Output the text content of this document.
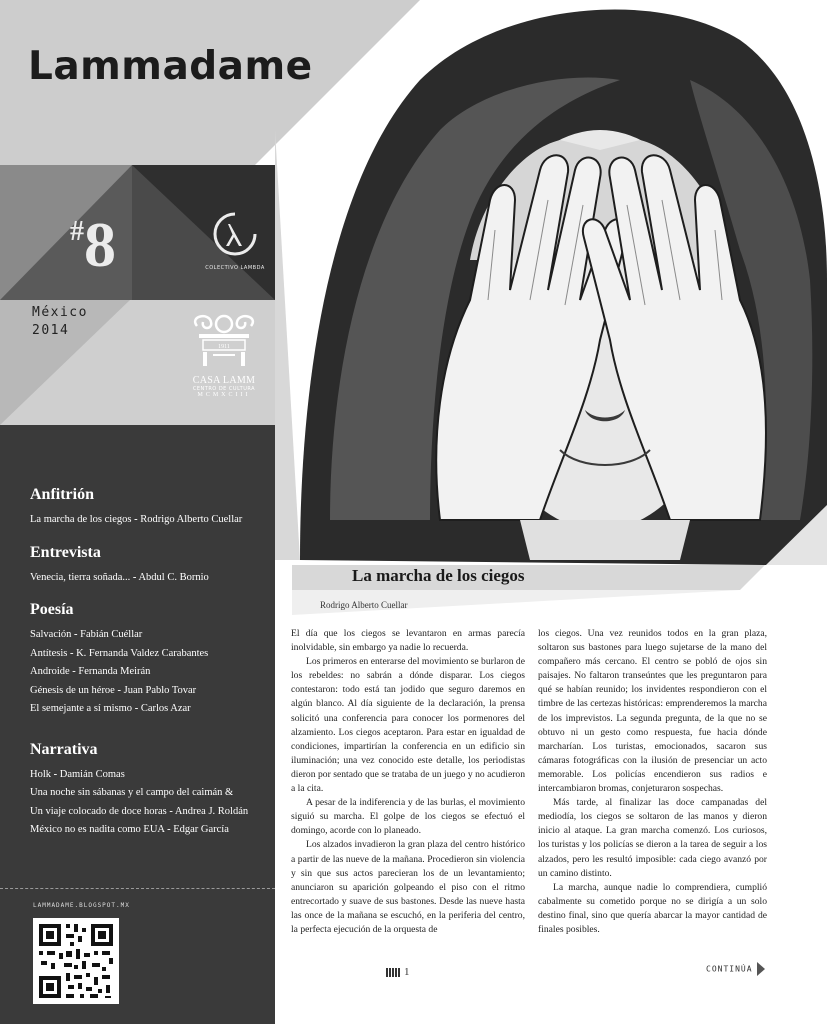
Lammadame
#8	COLECTIVO LAMBDA
México
2014
1911
CASA LAMM
CENTRO DE CULTURA
MCMXCIII
Anfitrión
La marcha de los ciegos - Rodrigo Alberto Cuellar
Entrevista
Venecia, tierra soñada... - Abdul C. Bornio
Poesía
Salvación - Fabián Cuéllar
Antítesis - K. Fernanda Valdez Carabantes
Androide - Fernanda Meirán
Génesis de un héroe - Juan Pablo Tovar
El semejante a sí mismo - Carlos Azar
Narrativa
Holk - Damián Comas
Una noche sin sábanas y el campo del caimán &
Un viaje colocado de doce horas - Andrea J. Roldán
México no es nadita como EUA - Edgar García
LAMMADAME.BLOGSPOT.MX
La marcha de los ciegos
Rodrigo Alberto Cuellar

El día que los ciegos se levantaron en armas parecía inolvidable, sin embargo ya nadie lo recuerda.

Los primeros en enterarse del movimiento se burlaron de los rebeldes: no sabrán a dónde disparar. Los ciegos contestaron: todo está tan jodido que seguro daremos en algún blanco. Al día siguiente de la declaración, la prensa solicitó una conferencia para conocer los pormenores del alzamiento. Los ciegos aceptaron. Para estar en igualdad de condiciones, impartirían la conferencia en un edificio sin iluminación; una vez conocido este detalle, los periodistas dieron por sentado que se trataba de un juego y no acudieron a la cita.

A pesar de la indiferencia y de las burlas, el movimiento siguió su marcha. El golpe de los ciegos se efectuó el domingo, acorde con lo planeado.

Los alzados invadieron la gran plaza del centro histórico a partir de las nueve de la mañana. Procedieron sin violencia y sin que sus actos parecieran los de un levantamiento; anunciaron su aparición golpeando el piso con el ritmo entrecortado y suave de sus bastones. Desde las nueve hasta las once de la mañana se escuchó, en la periferia del centro, la perfecta ejecución de la orquesta de

los ciegos. Una vez reunidos todos en la gran plaza, soltaron sus bastones para luego sujetarse de la mano del compañero más cercano. El centro se pobló de ojos sin paisajes. No faltaron transeúntes que les preguntaron para qué se habían reunido; los invidentes respondieron con el timbre de las certezas históricas: emprenderemos la marcha de los imprevistos. La segunda pregunta, de la que no se obtuvo ni un gesto como respuesta, fue hacia dónde marcharían. Los turistas, emocionados, sacaron sus cámaras fotográficas con la ilusión de presenciar un acto memorable. Los policías encendieron sus radios e intercambiaron bromas, conjeturaron sospechas.

Más tarde, al finalizar las doce campanadas del mediodía, los ciegos se soltaron de las manos y dieron inicio al ataque. La gran marcha comenzó. Los curiosos, los turistas y los policías se dieron a la tarea de seguir a los alzados, pero les resultó imposible: cada ciego avanzó por un camino distinto.

La marcha, aunque nadie lo comprendiera, cumplió cabalmente su cometido porque no se dirigía a un solo destino final, sino que quería abarcar la mayor cantidad de finales posibles.

1	CONTINÚA
